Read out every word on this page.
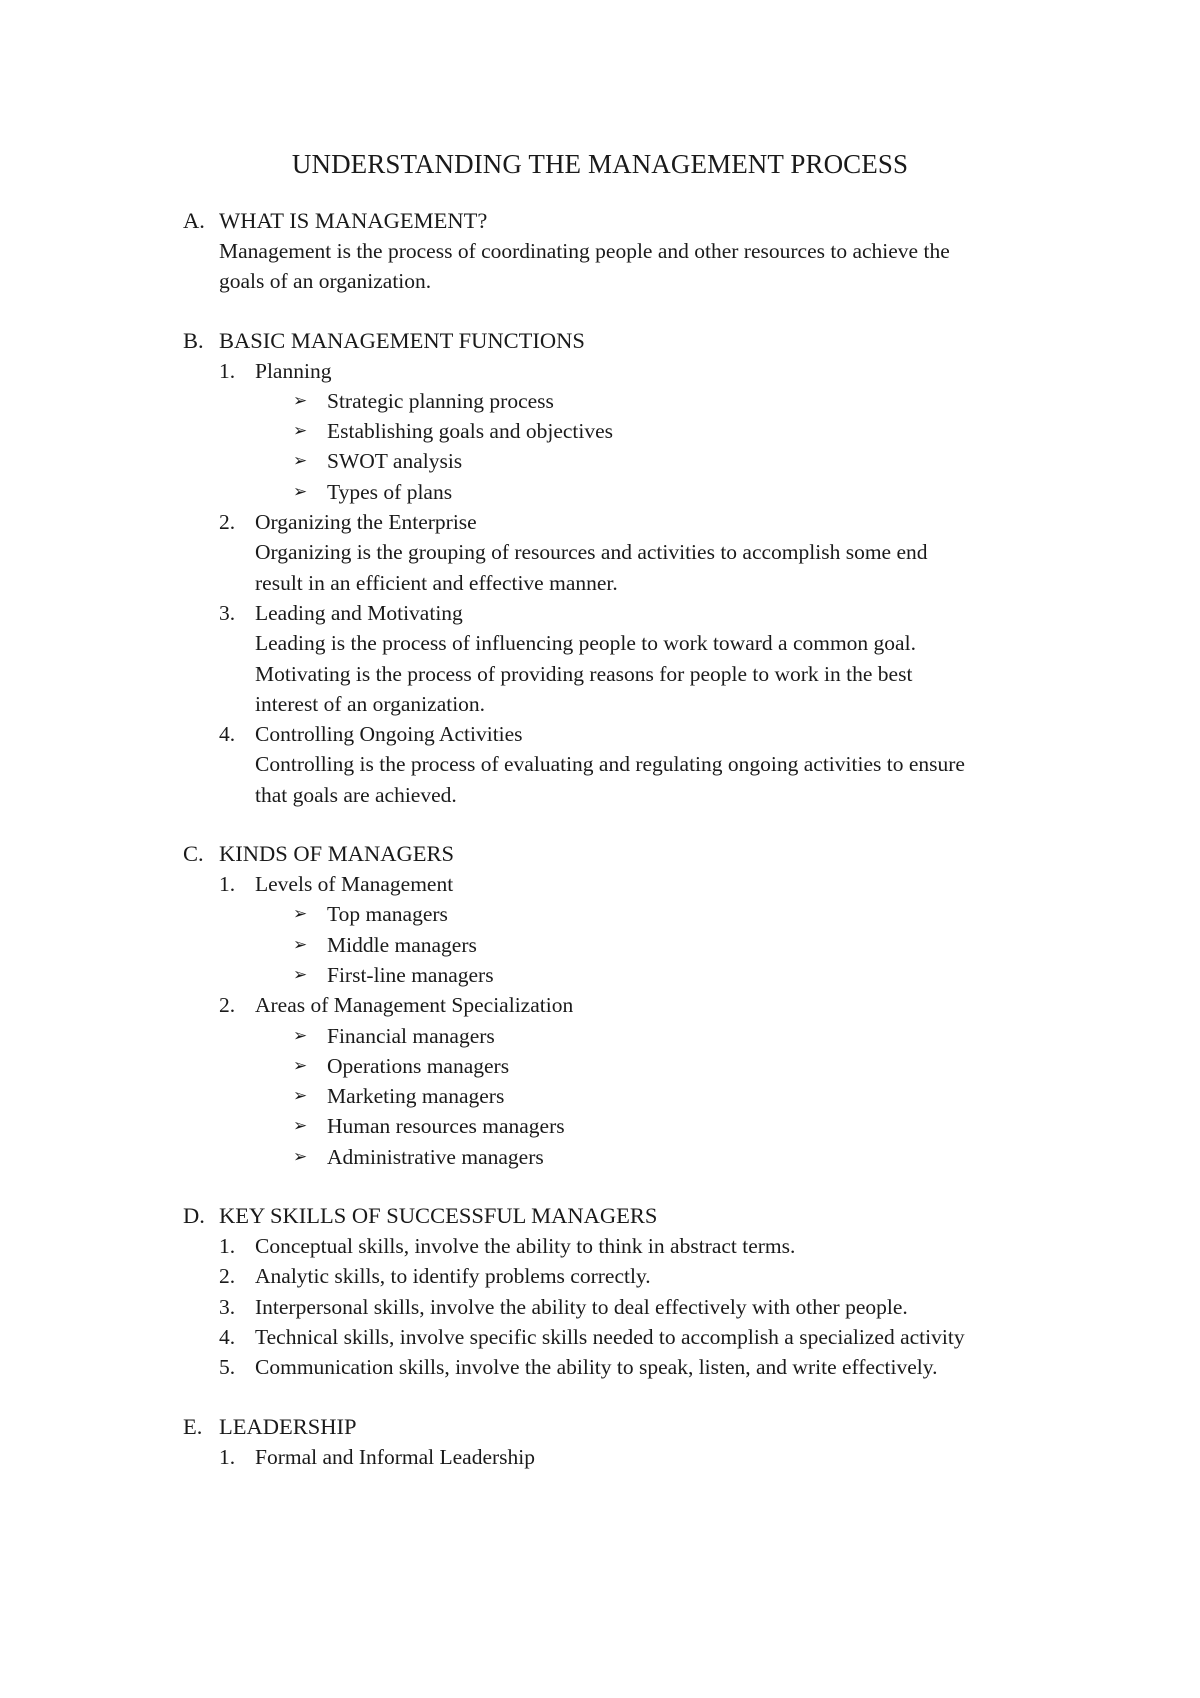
UNDERSTANDING THE MANAGEMENT PROCESS
A. WHAT IS MANAGEMENT?
Management is the process of coordinating people and other resources to achieve the
goals of an organization.
B. BASIC MANAGEMENT FUNCTIONS
1. Planning
➢ Strategic planning process
➢ Establishing goals and objectives
➢ SWOT analysis
➢ Types of plans
2. Organizing the Enterprise
Organizing is the grouping of resources and activities to accomplish some end
result in an efficient and effective manner.
3. Leading and Motivating
Leading is the process of influencing people to work toward a common goal.
Motivating is the process of providing reasons for people to work in the best
interest of an organization.
4. Controlling Ongoing Activities
Controlling is the process of evaluating and regulating ongoing activities to ensure
that goals are achieved.
C. KINDS OF MANAGERS
1. Levels of Management
➢ Top managers
➢ Middle managers
➢ First-line managers
2. Areas of Management Specialization
➢ Financial managers
➢ Operations managers
➢ Marketing managers
➢ Human resources managers
➢ Administrative managers
D. KEY SKILLS OF SUCCESSFUL MANAGERS
1. Conceptual skills, involve the ability to think in abstract terms.
2. Analytic skills, to identify problems correctly.
3. Interpersonal skills, involve the ability to deal effectively with other people.
4. Technical skills, involve specific skills needed to accomplish a specialized activity
5. Communication skills, involve the ability to speak, listen, and write effectively.
E. LEADERSHIP
1. Formal and Informal Leadership
